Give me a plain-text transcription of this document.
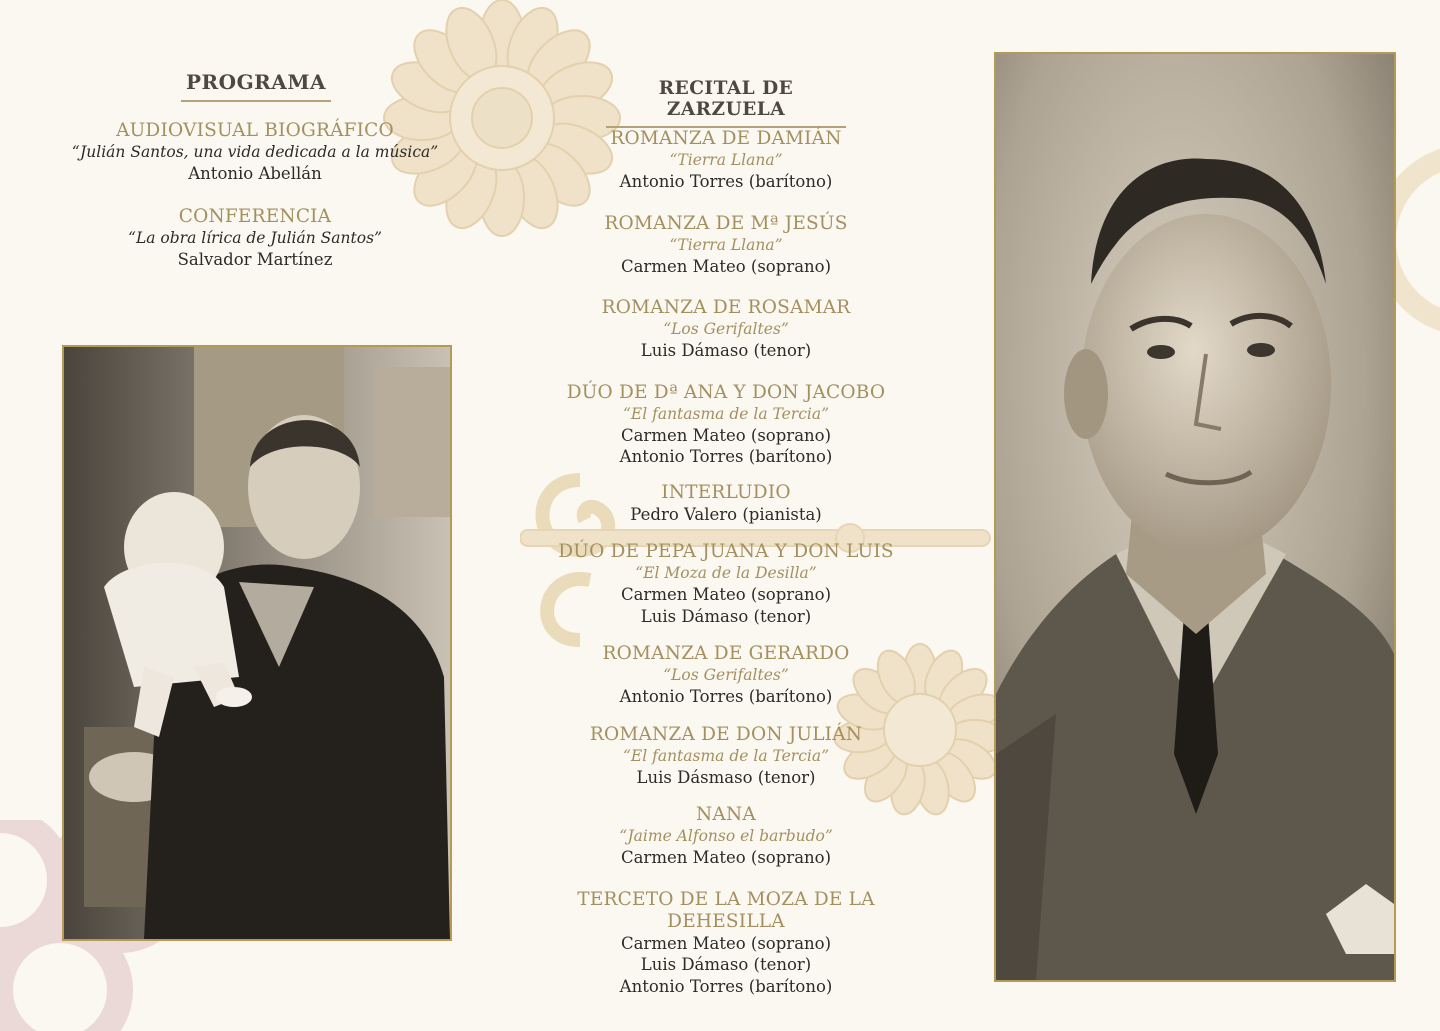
PROGRAMA
AUDIOVISUAL BIOGRÁFICO
“Julián Santos, una vida dedicada a la música”
Antonio Abellán
CONFERENCIA
“La obra lírica de Julián Santos”
Salvador Martínez
RECITAL DE ZARZUELA
ROMANZA DE DAMIÁN
“Tierra Llana”
Antonio Torres (barítono)
ROMANZA DE Mª JESÚS
“Tierra Llana”
Carmen Mateo (soprano)
ROMANZA DE ROSAMAR
“Los Gerifaltes”
Luis Dámaso (tenor)
DÚO DE Dª ANA Y DON JACOBO
“El fantasma de la Tercia”
Carmen Mateo (soprano)
Antonio Torres (barítono)
INTERLUDIO
Pedro Valero (pianista)
DÚO DE PEPA JUANA Y DON LUIS
“El Moza de la Desilla”
Carmen Mateo (soprano)
Luis Dámaso (tenor)
ROMANZA DE GERARDO
“Los Gerifaltes”
Antonio Torres (barítono)
ROMANZA DE DON JULIÁN
“El fantasma de la Tercia”
Luis Dásmaso (tenor)
NANA
“Jaime Alfonso el barbudo”
Carmen Mateo (soprano)
TERCETO DE LA MOZA DE LA DEHESILLA
Carmen Mateo (soprano)
Luis Dámaso (tenor)
Antonio Torres (barítono)
